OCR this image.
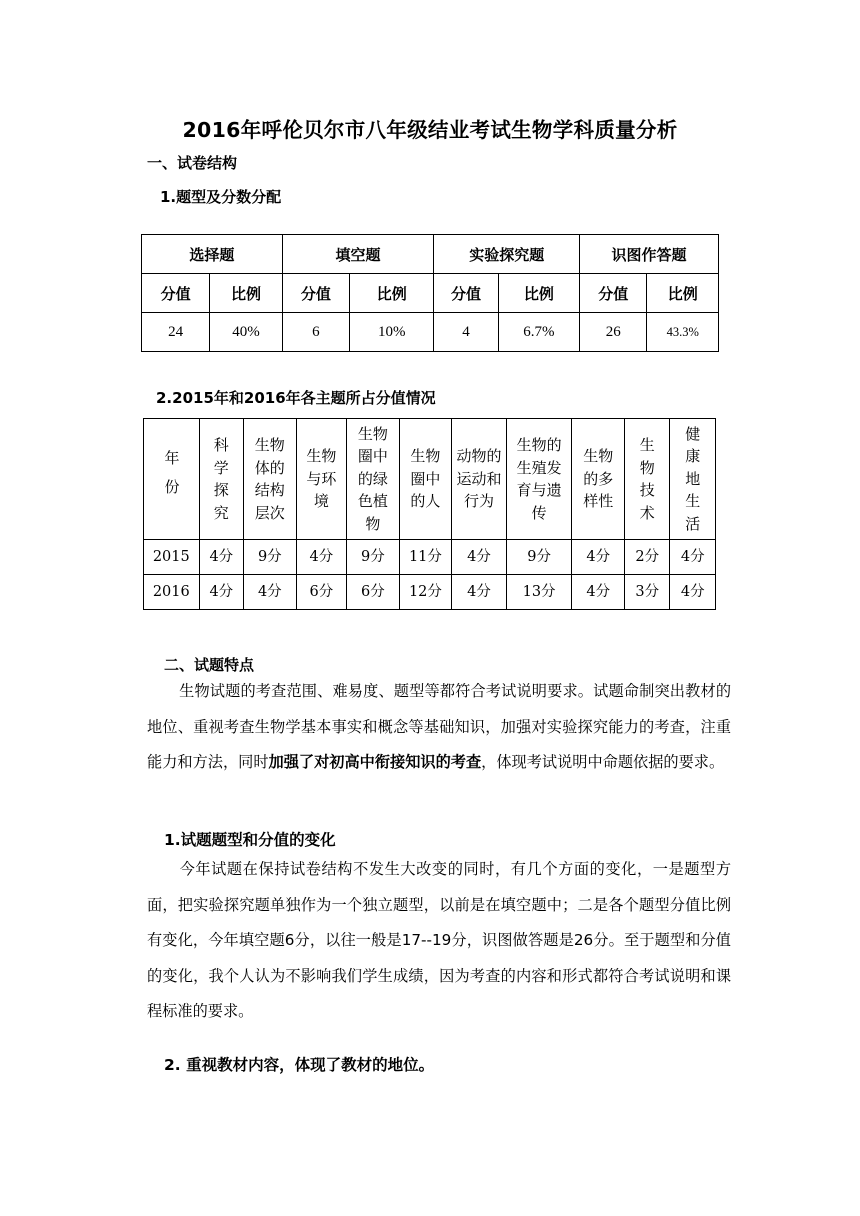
2016年呼伦贝尔市八年级结业考试生物学科质量分析
一、试卷结构
1.题型及分数分配
选择题		填空题		实验探究题		识图作答题	
分值	比例	分值	比例	分值	比例	分值	比例
24	40%	6	10%	4	6.7%	26	43.3%
2.2015年和2016年各主题所占分值情况
年份	科学探究	生物体的结构层次	生物与环境	生物圈中的绿色植物	生物圈中的人	动物的运动和行为	生物的生殖发育与遗传	生物的多样性	生物技术	健康地生活

2015	4分	9分	4分	9分	11分	4分	9分	4分	2分	4分
2016	4分	4分	6分	6分	12分	4分	13分	4分	3分	4分
二、试题特点

生物试题的考查范围、难易度、题型等都符合考试说明要求。试题命制突出教材的地位、重视考查生物学基本事实和概念等基础知识，加强对实验探究能力的考查，注重能力和方法，同时加强了对初高中衔接知识的考查，体现考试说明中命题依据的要求。

1.试题题型和分值的变化

今年试题在保持试卷结构不发生大改变的同时，有几个方面的变化，一是题型方面，把实验探究题单独作为一个独立题型，以前是在填空题中；二是各个题型分值比例有变化，今年填空题6分，以往一般是17--19分，识图做答题是26分。至于题型和分值的变化，我个人认为不影响我们学生成绩，因为考查的内容和形式都符合考试说明和课程标准的要求。

2. 重视教材内容，体现了教材的地位。
